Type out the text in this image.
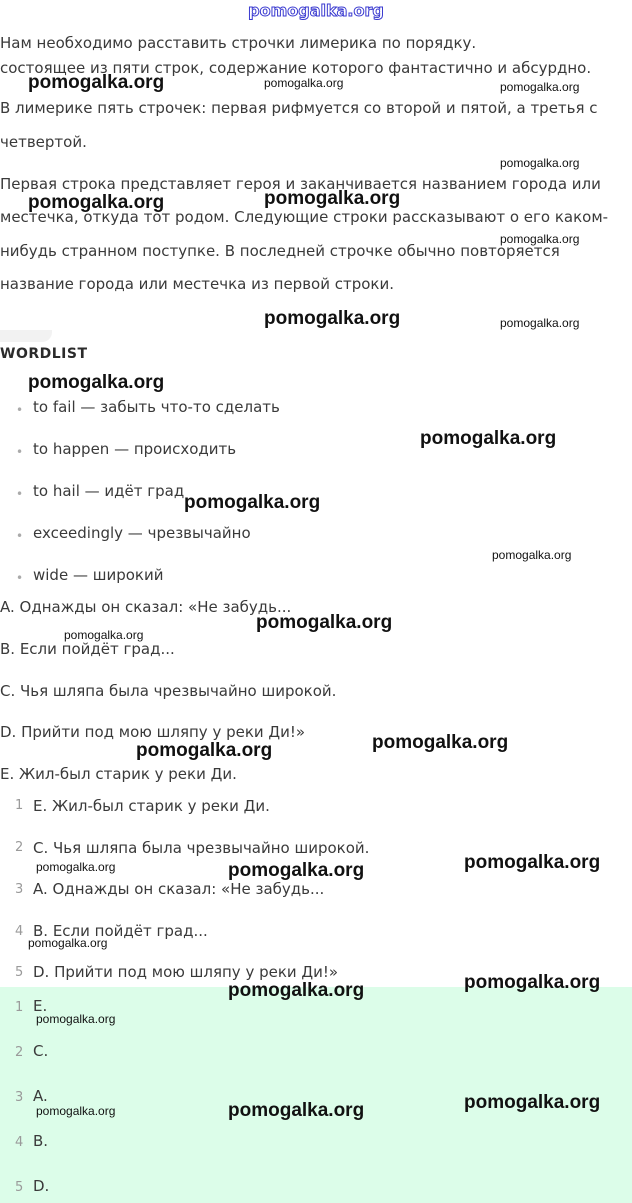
pomogalka.org
Нам необходимо расставить строчки лимерика по порядку.
состоящее из пяти строк, содержание которого фантастично и абсурдно.
В лимерике пять строчек: первая рифмуется со второй и пятой, а третья с
четвертой.
Первая строка представляет героя и заканчивается названием города или
местечка, откуда тот родом. Следующие строки рассказывают о его каком-
нибудь странном поступке. В последней строчке обычно повторяется
название города или местечка из первой строки.
WORDLIST
• to fail — забыть что-то сделать
• to happen — происходить
• to hail — идёт град
• exceedingly — чрезвычайно
• wide — широкий
A. Однажды он сказал: «Не забудь...
B. Если пойдёт град...
C. Чья шляпа была чрезвычайно широкой.
D. Прийти под мою шляпу у реки Ди!»
E. Жил-был старик у реки Ди.
1 E. Жил-был старик у реки Ди.
2 C. Чья шляпа была чрезвычайно широкой.
3 A. Однажды он сказал: «Не забудь...
4 B. Если пойдёт град...
5 D. Прийти под мою шляпу у реки Ди!»
1 E.
2 C.
3 A.
4 B.
5 D.
pomogalka.org	pomogalka.org	pomogalka.org
pomogalka.org	pomogalka.org
pomogalka.org
pomogalka.org
pomogalka.org	pomogalka.org
pomogalka.org
pomogalka.org
pomogalka.org
pomogalka.org
pomogalka.org
pomogalka.org
pomogalka.org	pomogalka.org
pomogalka.org	pomogalka.org	pomogalka.org
pomogalka.org
pomogalka.org	pomogalka.org
pomogalka.org
pomogalka.org	pomogalka.org	pomogalka.org
